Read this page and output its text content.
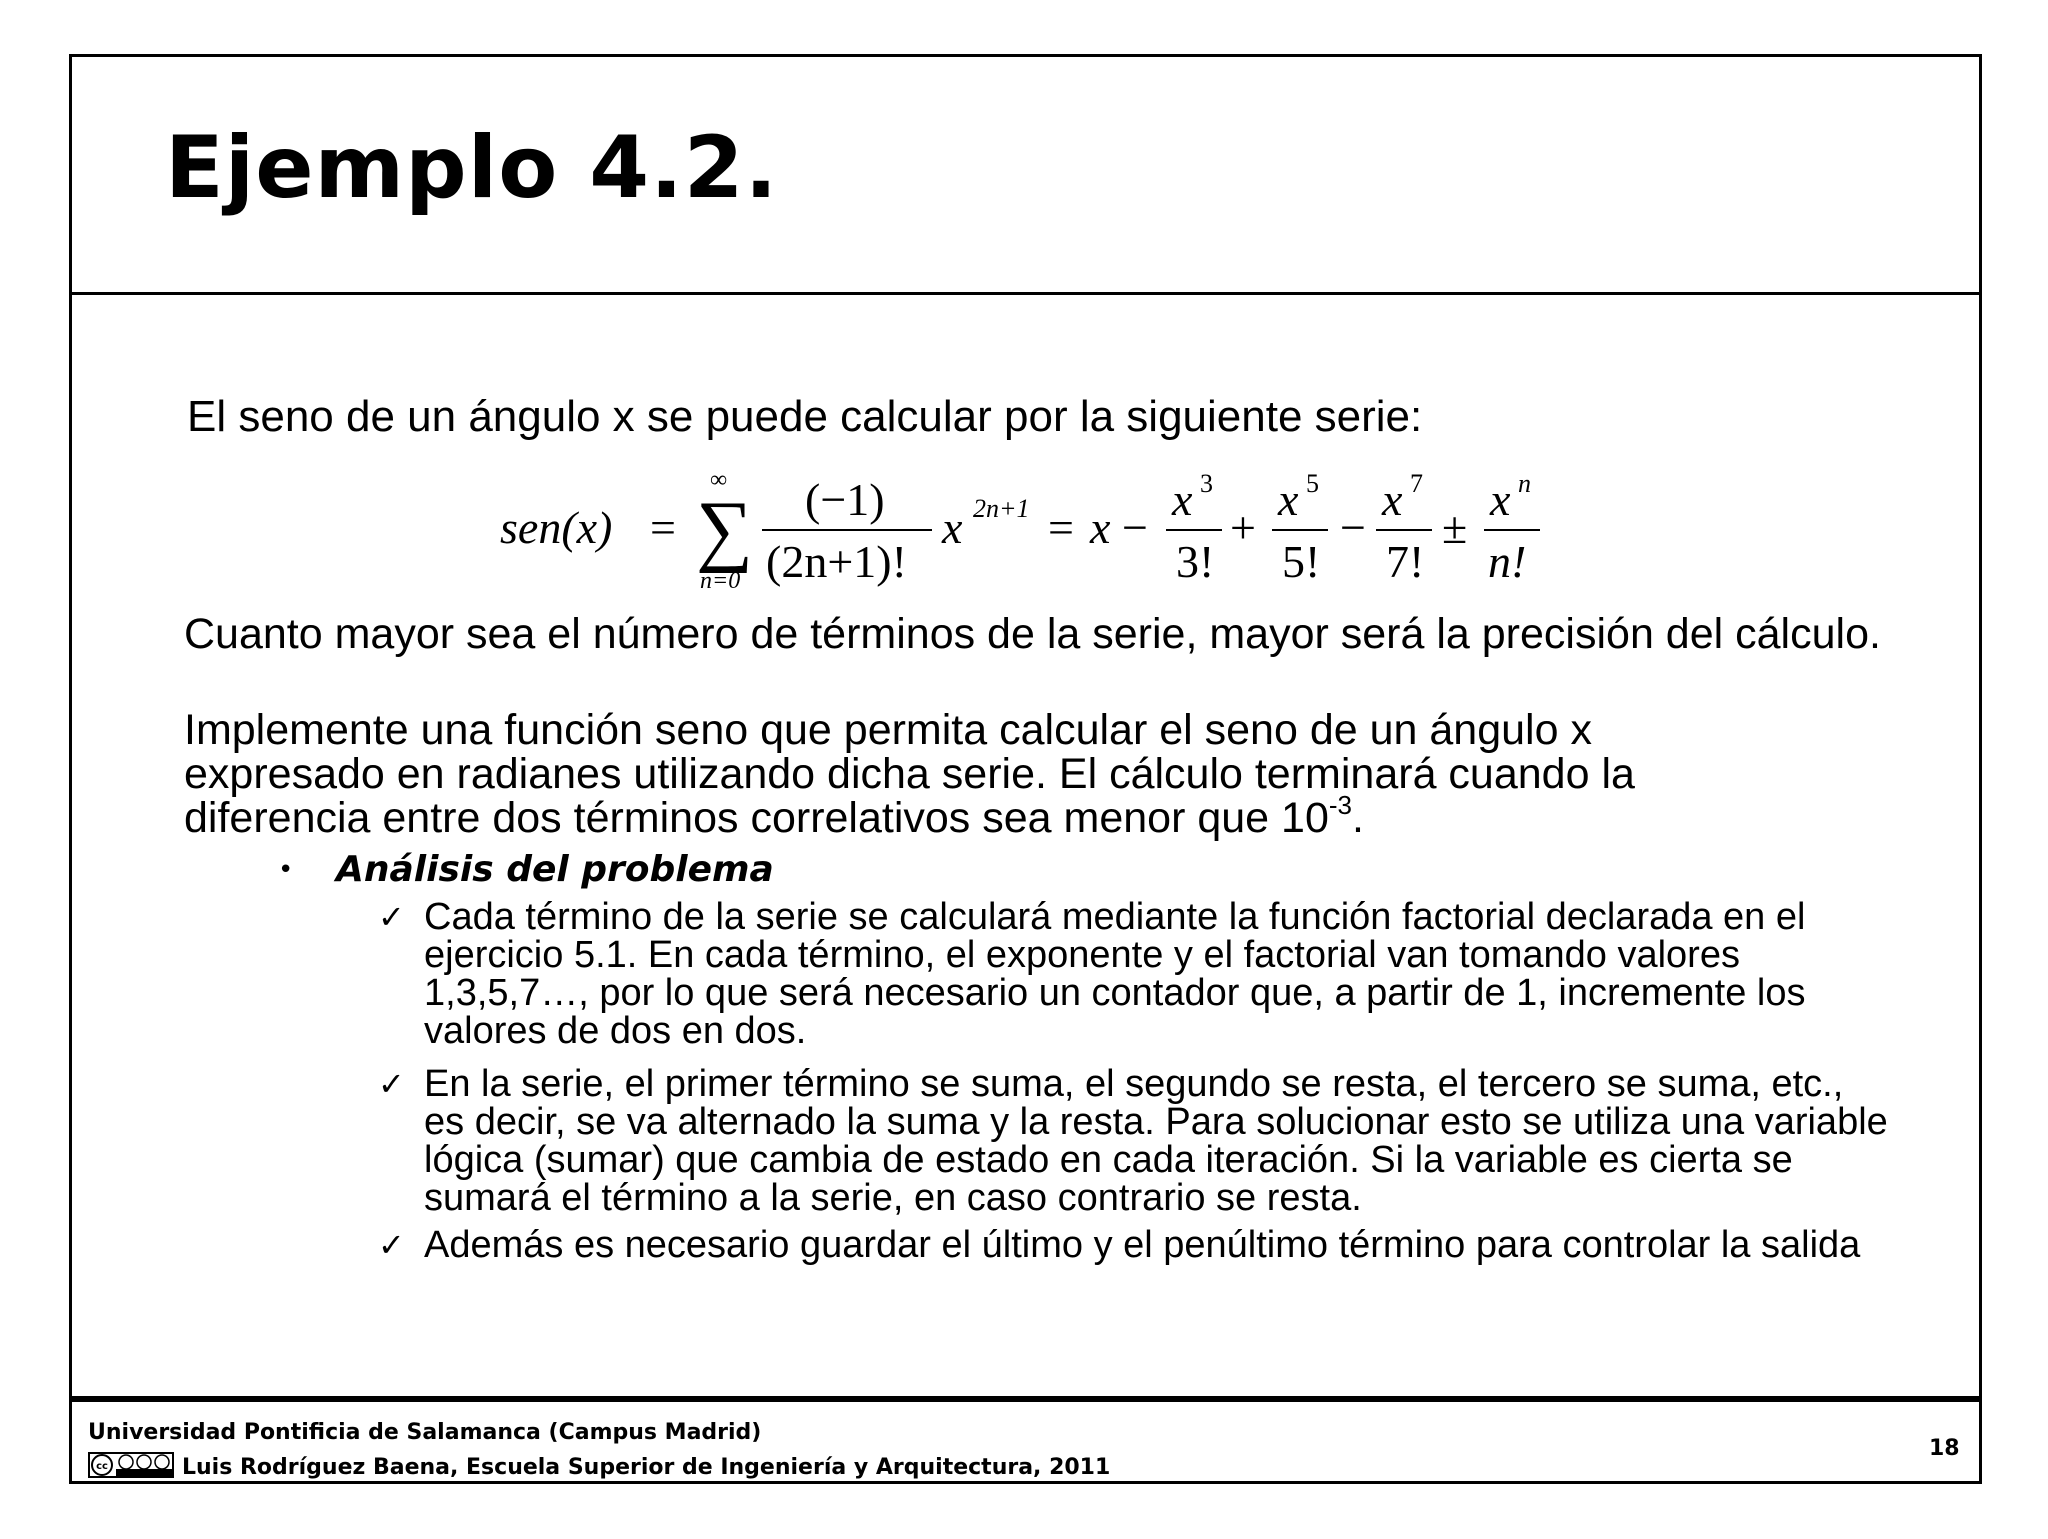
Ejemplo 4.2.
El seno de un ángulo x se puede calcular por la siguiente serie:
sen(x) = ∑
∞
n=0
(−1)
(2n+1)!
x 2n+1 = x −
x 3
3!
+
x 5
5!
−
x 7
7!
±
x n
n!
Cuanto mayor sea el número de términos de la serie, mayor será la precisión del cálculo.
Implemente una función seno que permita calcular el seno de un ángulo x
expresado en radianes utilizando dicha serie. El cálculo terminará cuando la
diferencia entre dos términos correlativos sea menor que $10^{-3}$.
• Análisis del problema
✓ Cada término de la serie se calculará mediante la función factorial declarada en el ejercicio 5.1. En cada término, el exponente y el factorial van tomando valores 1,3,5,7…, por lo que será necesario un contador que, a partir de 1, incremente los valores de dos en dos.
✓ En la serie, el primer término se suma, el segundo se resta, el tercero se suma, etc., es decir, se va alternado la suma y la resta. Para solucionar esto se utiliza una variable lógica (sumar) que cambia de estado en cada iteración. Si la variable es cierta se sumará el término a la serie, en caso contrario se resta.
✓ Además es necesario guardar el último y el penúltimo término para controlar la salida
Universidad Pontificia de Salamanca (Campus Madrid)
cc	Luis Rodríguez Baena, Escuela Superior de Ingeniería y Arquitectura, 2011
18
